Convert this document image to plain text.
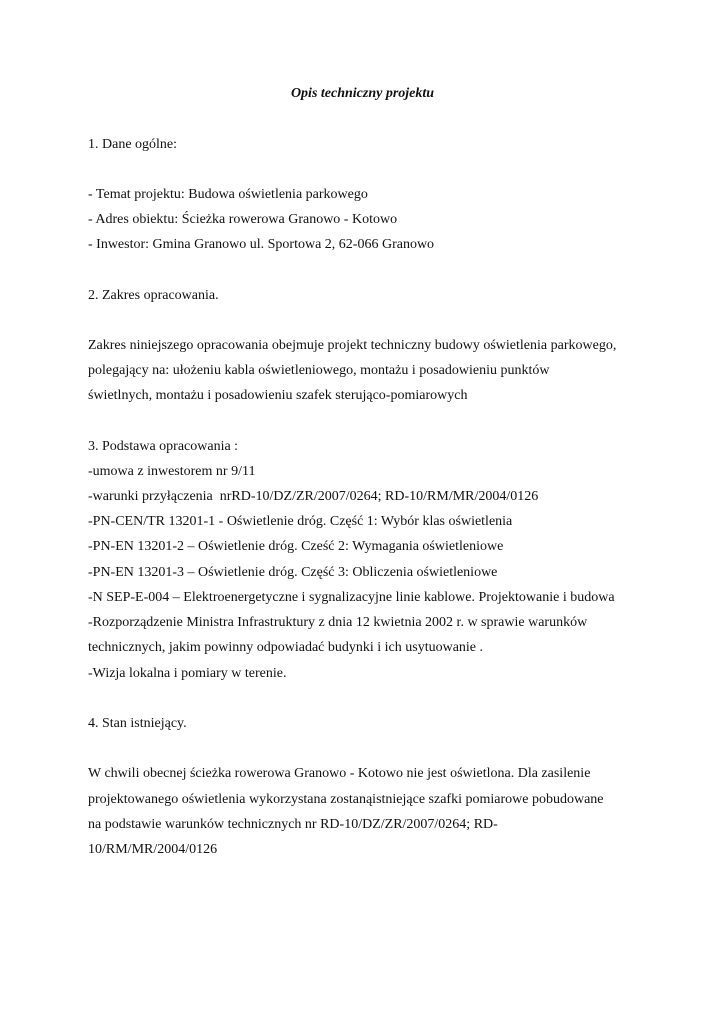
Opis techniczny projektu
1. Dane ogólne:
- Temat projektu: Budowa oświetlenia parkowego
- Adres obiektu: Ścieżka rowerowa Granowo - Kotowo
- Inwestor: Gmina Granowo ul. Sportowa 2, 62-066 Granowo
2. Zakres opracowania.
Zakres niniejszego opracowania obejmuje projekt techniczny budowy oświetlenia parkowego,
polegający na: ułożeniu kabla oświetleniowego, montażu i posadowieniu punktów
świetlnych, montażu i posadowieniu szafek sterująco-pomiarowych
3. Podstawa opracowania :
-umowa z inwestorem nr 9/11
-warunki przyłączenia  nrRD-10/DZ/ZR/2007/0264; RD-10/RM/MR/2004/0126
-PN-CEN/TR 13201-1 - Oświetlenie dróg. Część 1: Wybór klas oświetlenia
-PN-EN 13201-2 – Oświetlenie dróg. Cześć 2: Wymagania oświetleniowe
-PN-EN 13201-3 – Oświetlenie dróg. Część 3: Obliczenia oświetleniowe
-N SEP-E-004 – Elektroenergetyczne i sygnalizacyjne linie kablowe. Projektowanie i budowa
-Rozporządzenie Ministra Infrastruktury z dnia 12 kwietnia 2002 r. w sprawie warunków
technicznych, jakim powinny odpowiadać budynki i ich usytuowanie .
-Wizja lokalna i pomiary w terenie.
4. Stan istniejący.
W chwili obecnej ścieżka rowerowa Granowo - Kotowo nie jest oświetlona. Dla zasilenie
projektowanego oświetlenia wykorzystana zostanąistniejące szafki pomiarowe pobudowane
na podstawie warunków technicznych nr RD-10/DZ/ZR/2007/0264; RD-
10/RM/MR/2004/0126
